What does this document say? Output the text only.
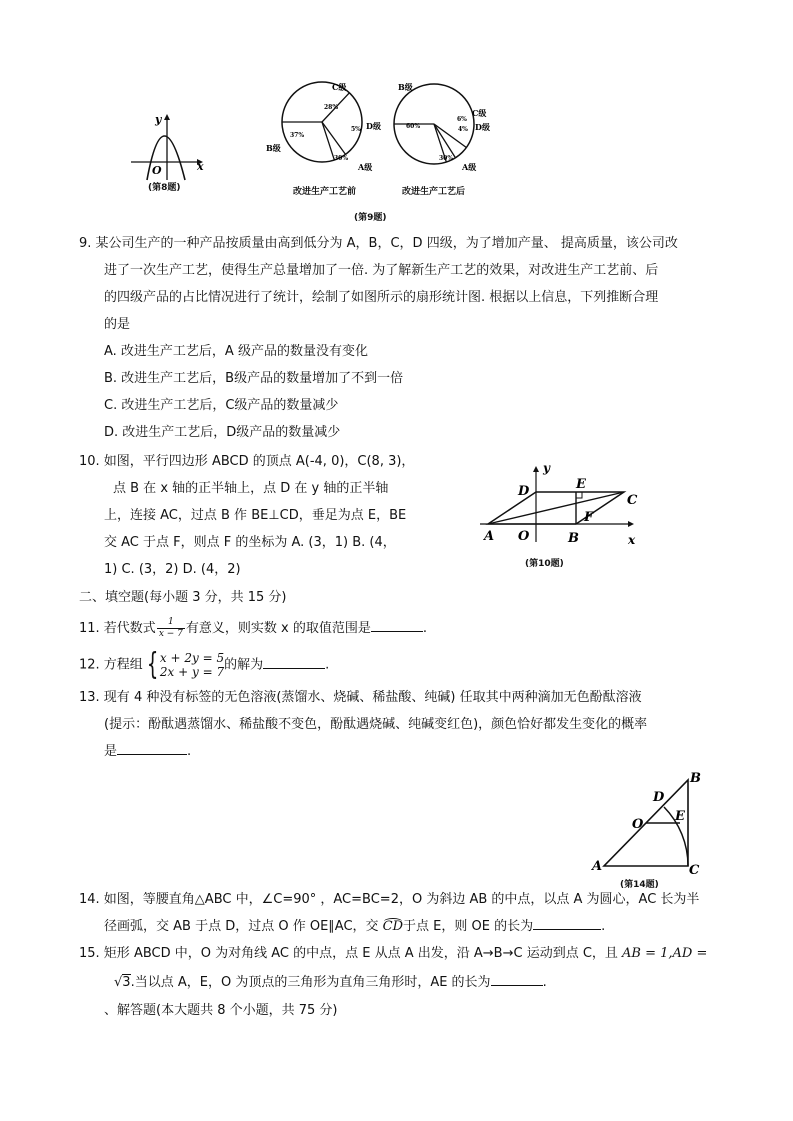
y
x
O
(第8题)
C级
B级
D级
A级
28%
37%
5%
30%
B级
C级
D级
A级
60%
6%
4%
30%
改进生产工艺前	改进生产工艺后
(第9题)
9. 某公司生产的一种产品按质量由高到低分为 A，B，C，D 四级，为了增加产量、 提高质量，该公司改
进了一次生产工艺，使得生产总量增加了一倍. 为了解新生产工艺的效果，对改进生产工艺前、后
的四级产品的占比情况进行了统计，绘制了如图所示的扇形统计图. 根据以上信息，下列推断合理
的是
A. 改进生产工艺后，A 级产品的数量没有变化
B. 改进生产工艺后，B级产品的数量增加了不到一倍
C. 改进生产工艺后，C级产品的数量减少
D. 改进生产工艺后，D级产品的数量减少
10. 如图，平行四边形 ABCD 的顶点 A(-4, 0)，C(8, 3)，
点 B 在 x 轴的正半轴上，点 D 在 y 轴的正半轴
上，连接 AC，过点 B 作 BE⊥CD，垂足为点 E，BE
交 AC 于点 F，则点 F 的坐标为 A. (3，1) B. (4，
1) C. (3，2) D. (4，2)
y
D	E
C
F
A O	B	x
(第10题)
二、填空题(每小题 3 分，共 15 分)
11. 若代数式 $\frac{1}{x - 7}$ 有意义，则实数 x 的取值范围是	.
12. 方程组 { x + 2y = 5
2x + y = 7 的解为	.
13. 现有 4 种没有标签的无色溶液(蒸馏水、烧碱、稀盐酸、纯碱) 任取其中两种滴加无色酚酞溶液
(提示：酚酞遇蒸馏水、稀盐酸不变色，酚酞遇烧碱、纯碱变红色)，颜色恰好都发生变化的概率
是	.
B
D
E
O
A	C
(第14题)
14. 如图，等腰直角△ABC 中，∠C=90° ，AC=BC=2，O 为斜边 AB 的中点，以点 A 为圆心，AC 长为半
径画弧，交 AB 于点 D，过点 O 作 OE∥AC，交
CD于点 E，则 OE 的长为	.
15. 矩形 ABCD 中，O 为对角线 AC 的中点，点 E 从点 A 出发，沿 A→B→C 运动到点 C，且 AB = 1,AD =
√3.当以点 A，E，O 为顶点的三角形为直角三角形时，AE 的长为	.
、解答题(本大题共 8 个小题，共 75 分)
